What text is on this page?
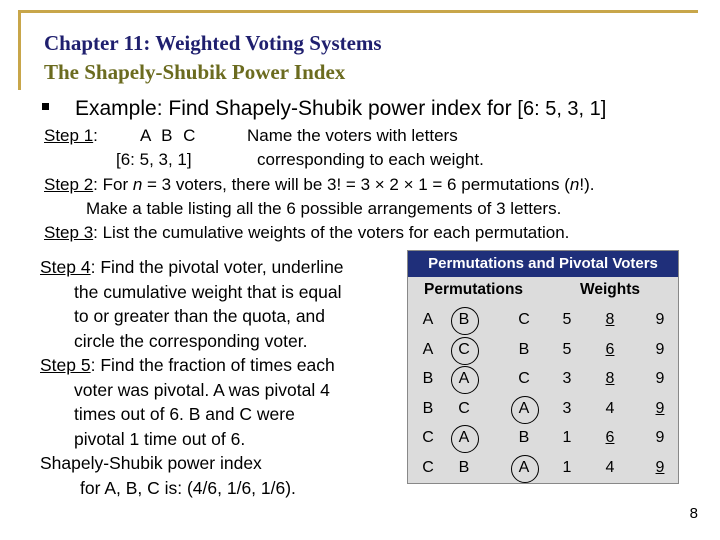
Chapter 11: Weighted Voting Systems
The Shapely-Shubik Power Index
Example: Find Shapely-Shubik power index for [6: 5, 3, 1]
Step 1: A B C	Name the voters with letters
[6: 5, 3, 1]	corresponding to each weight.
Step 2: For n = 3 voters, there will be 3! = 3 × 2 × 1 = 6 permutations (n!).
Make a table listing all the 6 possible arrangements of 3 letters.
Step 3: List the cumulative weights of the voters for each permutation.
Step 4: Find the pivotal voter, underline
the cumulative weight that is equal
to or greater than the quota, and
circle the corresponding voter.
Step 5: Find the fraction of times each
voter was pivotal. A was pivotal 4
times out of 6. B and C were
pivotal 1 time out of 6.
Shapely-Shubik power index
for A, B, C is: (4/6, 1/6, 1/6).
Permutations and Pivotal Voters
Permutations	Weights
A B	C	5	8	9
A C	B	5	6	9
B A	C	3	8	9
B C	A	3	4	9
C A	B	1	6	9
C B	A	1	4	9
8
